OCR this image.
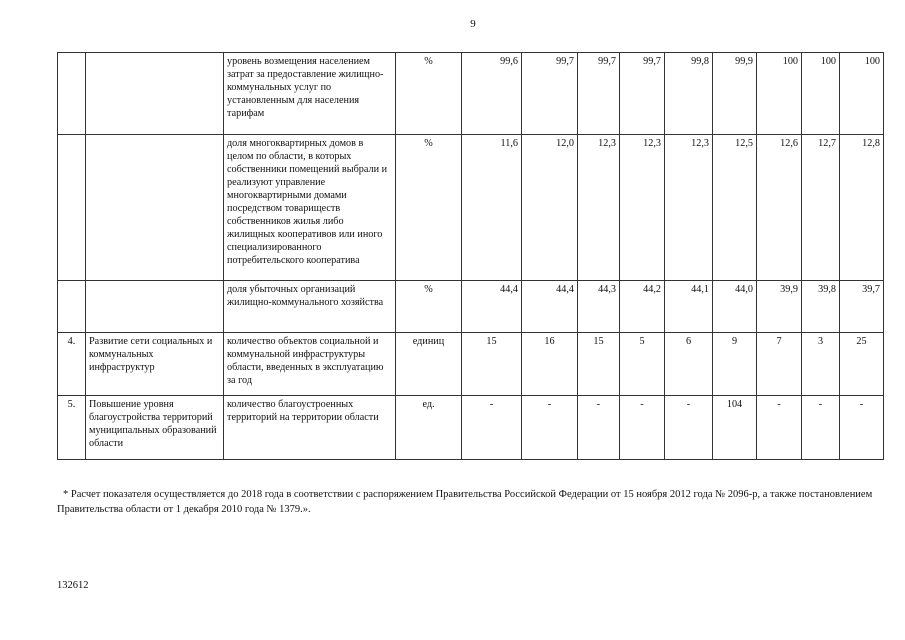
9
		уровень возмещения населением затрат за предоставление жилищно-коммунальных услуг по установленным для населения тарифам	%	99,6	99,7	99,7	99,7	99,8	99,9	100	100	100
		доля многоквартирных домов в целом по области, в которых собственники помещений выбрали и реализуют управление многоквартирными домами посредством товариществ собственников жилья либо жилищных кооперативов или иного специализированного потребительского кооператива	%	11,6	12,0	12,3	12,3	12,3	12,5	12,6	12,7	12,8
		доля убыточных организаций жилищно-коммунального хозяйства	%	44,4	44,4	44,3	44,2	44,1	44,0	39,9	39,8	39,7
4.	Развитие сети социальных и коммунальных инфраструктур	количество объектов социальной и коммунальной инфраструктуры области, введенных в эксплуатацию за год	единиц	15	16	15	5	6	9	7	3	25
5.	Повышение уровня благоустройства территорий муниципальных образований области	количество благоустроенных территорий на территории области	ед.	-	-	-	-	-	104	-	-	-
* Расчет показателя осуществляется до 2018 года в соответствии с распоряжением Правительства Российской Федерации от 15 ноября 2012 года № 2096-р, а также постановлением Правительства области от 1 декабря 2010 года № 1379.».
132612
